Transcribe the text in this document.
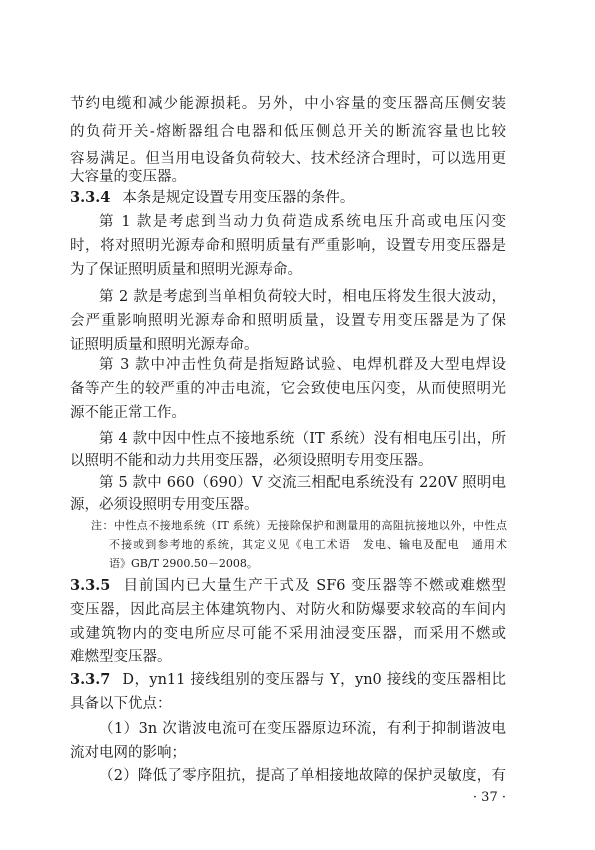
节约电缆和减少能源损耗。另外，中小容量的变压器高压侧安装
的负荷开关-熔断器组合电器和低压侧总开关的断流容量也比较
容易满足。但当用电设备负荷较大、技术经济合理时，可以选用更
大容量的变压器。
3.3.4 本条是规定设置专用变压器的条件。
第 1 款是考虑到当动力负荷造成系统电压升高或电压闪变
时，将对照明光源寿命和照明质量有严重影响，设置专用变压器是
为了保证照明质量和照明光源寿命。
第 2 款是考虑到当单相负荷较大时，相电压将发生很大波动，
会严重影响照明光源寿命和照明质量，设置专用变压器是为了保
证照明质量和照明光源寿命。
第 3 款中冲击性负荷是指短路试验、电焊机群及大型电焊设
备等产生的较严重的冲击电流，它会致使电压闪变，从而使照明光
源不能正常工作。
第 4 款中因中性点不接地系统（IT 系统）没有相电压引出，所
以照明不能和动力共用变压器，必须设照明专用变压器。
第 5 款中 660（690）V 交流三相配电系统没有 220V 照明电
源，必须设照明专用变压器。
注：中性点不接地系统（IT 系统）无接除保护和测量用的高阻抗接地以外，中性点
不接或到参考地的系统，其定义见《电工术语　发电、输电及配电　通用术
语》GB/T 2900.50－2008。
3.3.5 目前国内已大量生产干式及 SF6 变压器等不燃或难燃型
变压器，因此高层主体建筑物内、对防火和防爆要求较高的车间内
或建筑物内的变电所应尽可能不采用油浸变压器，而采用不燃或
难燃型变压器。
3.3.7 D，yn11 接线组别的变压器与 Y，yn0 接线的变压器相比
具备以下优点：
（1）3n 次谐波电流可在变压器原边环流，有利于抑制谐波电
流对电网的影响；
（2）降低了零序阻抗，提高了单相接地故障的保护灵敏度，有
· 37 ·
